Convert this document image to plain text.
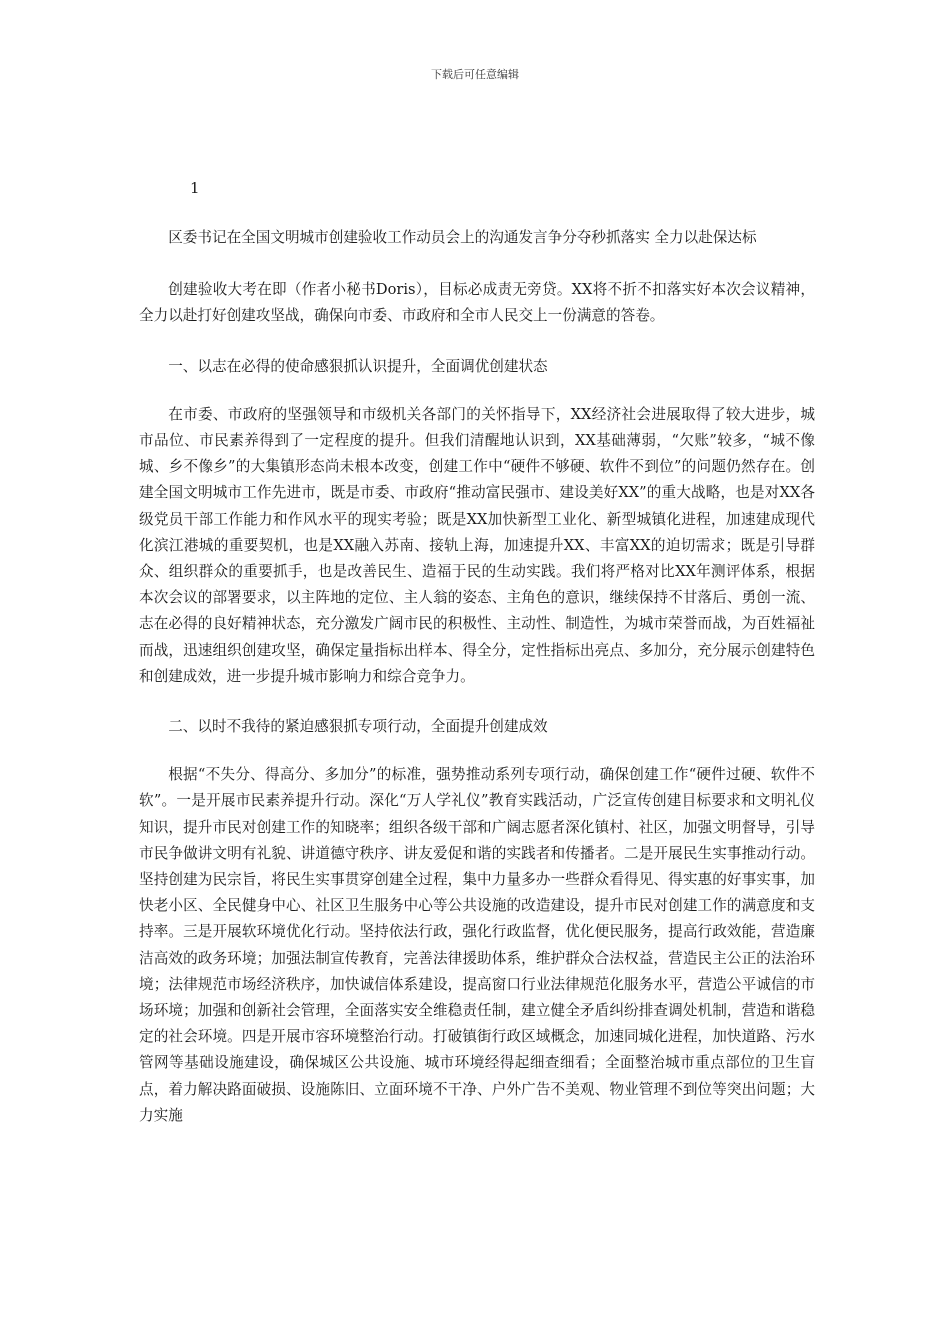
下载后可任意编辑
1

区委书记在全国文明城市创建验收工作动员会上的沟通发言争分夺秒抓落实 全力以赴保达标

创建验收大考在即（作者小秘书Doris），目标必成责无旁贷。XX将不折不扣落实好本次会议精神，全力以赴打好创建攻坚战，确保向市委、市政府和全市人民交上一份满意的答卷。

一、以志在必得的使命感狠抓认识提升，全面调优创建状态

在市委、市政府的坚强领导和市级机关各部门的关怀指导下，XX经济社会进展取得了较大进步，城市品位、市民素养得到了一定程度的提升。但我们清醒地认识到，XX基础薄弱，“欠账”较多，“城不像城、乡不像乡”的大集镇形态尚未根本改变，创建工作中“硬件不够硬、软件不到位”的问题仍然存在。创建全国文明城市工作先进市，既是市委、市政府“推动富民强市、建设美好XX”的重大战略，也是对XX各级党员干部工作能力和作风水平的现实考验；既是XX加快新型工业化、新型城镇化进程，加速建成现代化滨江港城的重要契机，也是XX融入苏南、接轨上海，加速提升XX、丰富XX的迫切需求；既是引导群众、组织群众的重要抓手，也是改善民生、造福于民的生动实践。我们将严格对比XX年测评体系，根据本次会议的部署要求，以主阵地的定位、主人翁的姿态、主角色的意识，继续保持不甘落后、勇创一流、志在必得的良好精神状态，充分激发广阔市民的积极性、主动性、制造性，为城市荣誉而战，为百姓福祉而战，迅速组织创建攻坚，确保定量指标出样本、得全分，定性指标出亮点、多加分，充分展示创建特色和创建成效，进一步提升城市影响力和综合竞争力。

二、以时不我待的紧迫感狠抓专项行动，全面提升创建成效

根据“不失分、得高分、多加分”的标准，强势推动系列专项行动，确保创建工作“硬件过硬、软件不软”。一是开展市民素养提升行动。深化“万人学礼仪”教育实践活动，广泛宣传创建目标要求和文明礼仪知识，提升市民对创建工作的知晓率；组织各级干部和广阔志愿者深化镇村、社区，加强文明督导，引导市民争做讲文明有礼貌、讲道德守秩序、讲友爱促和谐的实践者和传播者。二是开展民生实事推动行动。坚持创建为民宗旨，将民生实事贯穿创建全过程，集中力量多办一些群众看得见、得实惠的好事实事，加快老小区、全民健身中心、社区卫生服务中心等公共设施的改造建设，提升市民对创建工作的满意度和支持率。三是开展软环境优化行动。坚持依法行政，强化行政监督，优化便民服务，提高行政效能，营造廉洁高效的政务环境；加强法制宣传教育，完善法律援助体系，维护群众合法权益，营造民主公正的法治环境；法律规范市场经济秩序，加快诚信体系建设，提高窗口行业法律规范化服务水平，营造公平诚信的市场环境；加强和创新社会管理，全面落实安全维稳责任制，建立健全矛盾纠纷排查调处机制，营造和谐稳定的社会环境。四是开展市容环境整治行动。打破镇街行政区域概念，加速同城化进程，加快道路、污水管网等基础设施建设，确保城区公共设施、城市环境经得起细查细看；全面整治城市重点部位的卫生盲点，着力解决路面破损、设施陈旧、立面环境不干净、户外广告不美观、物业管理不到位等突出问题；大力实施
